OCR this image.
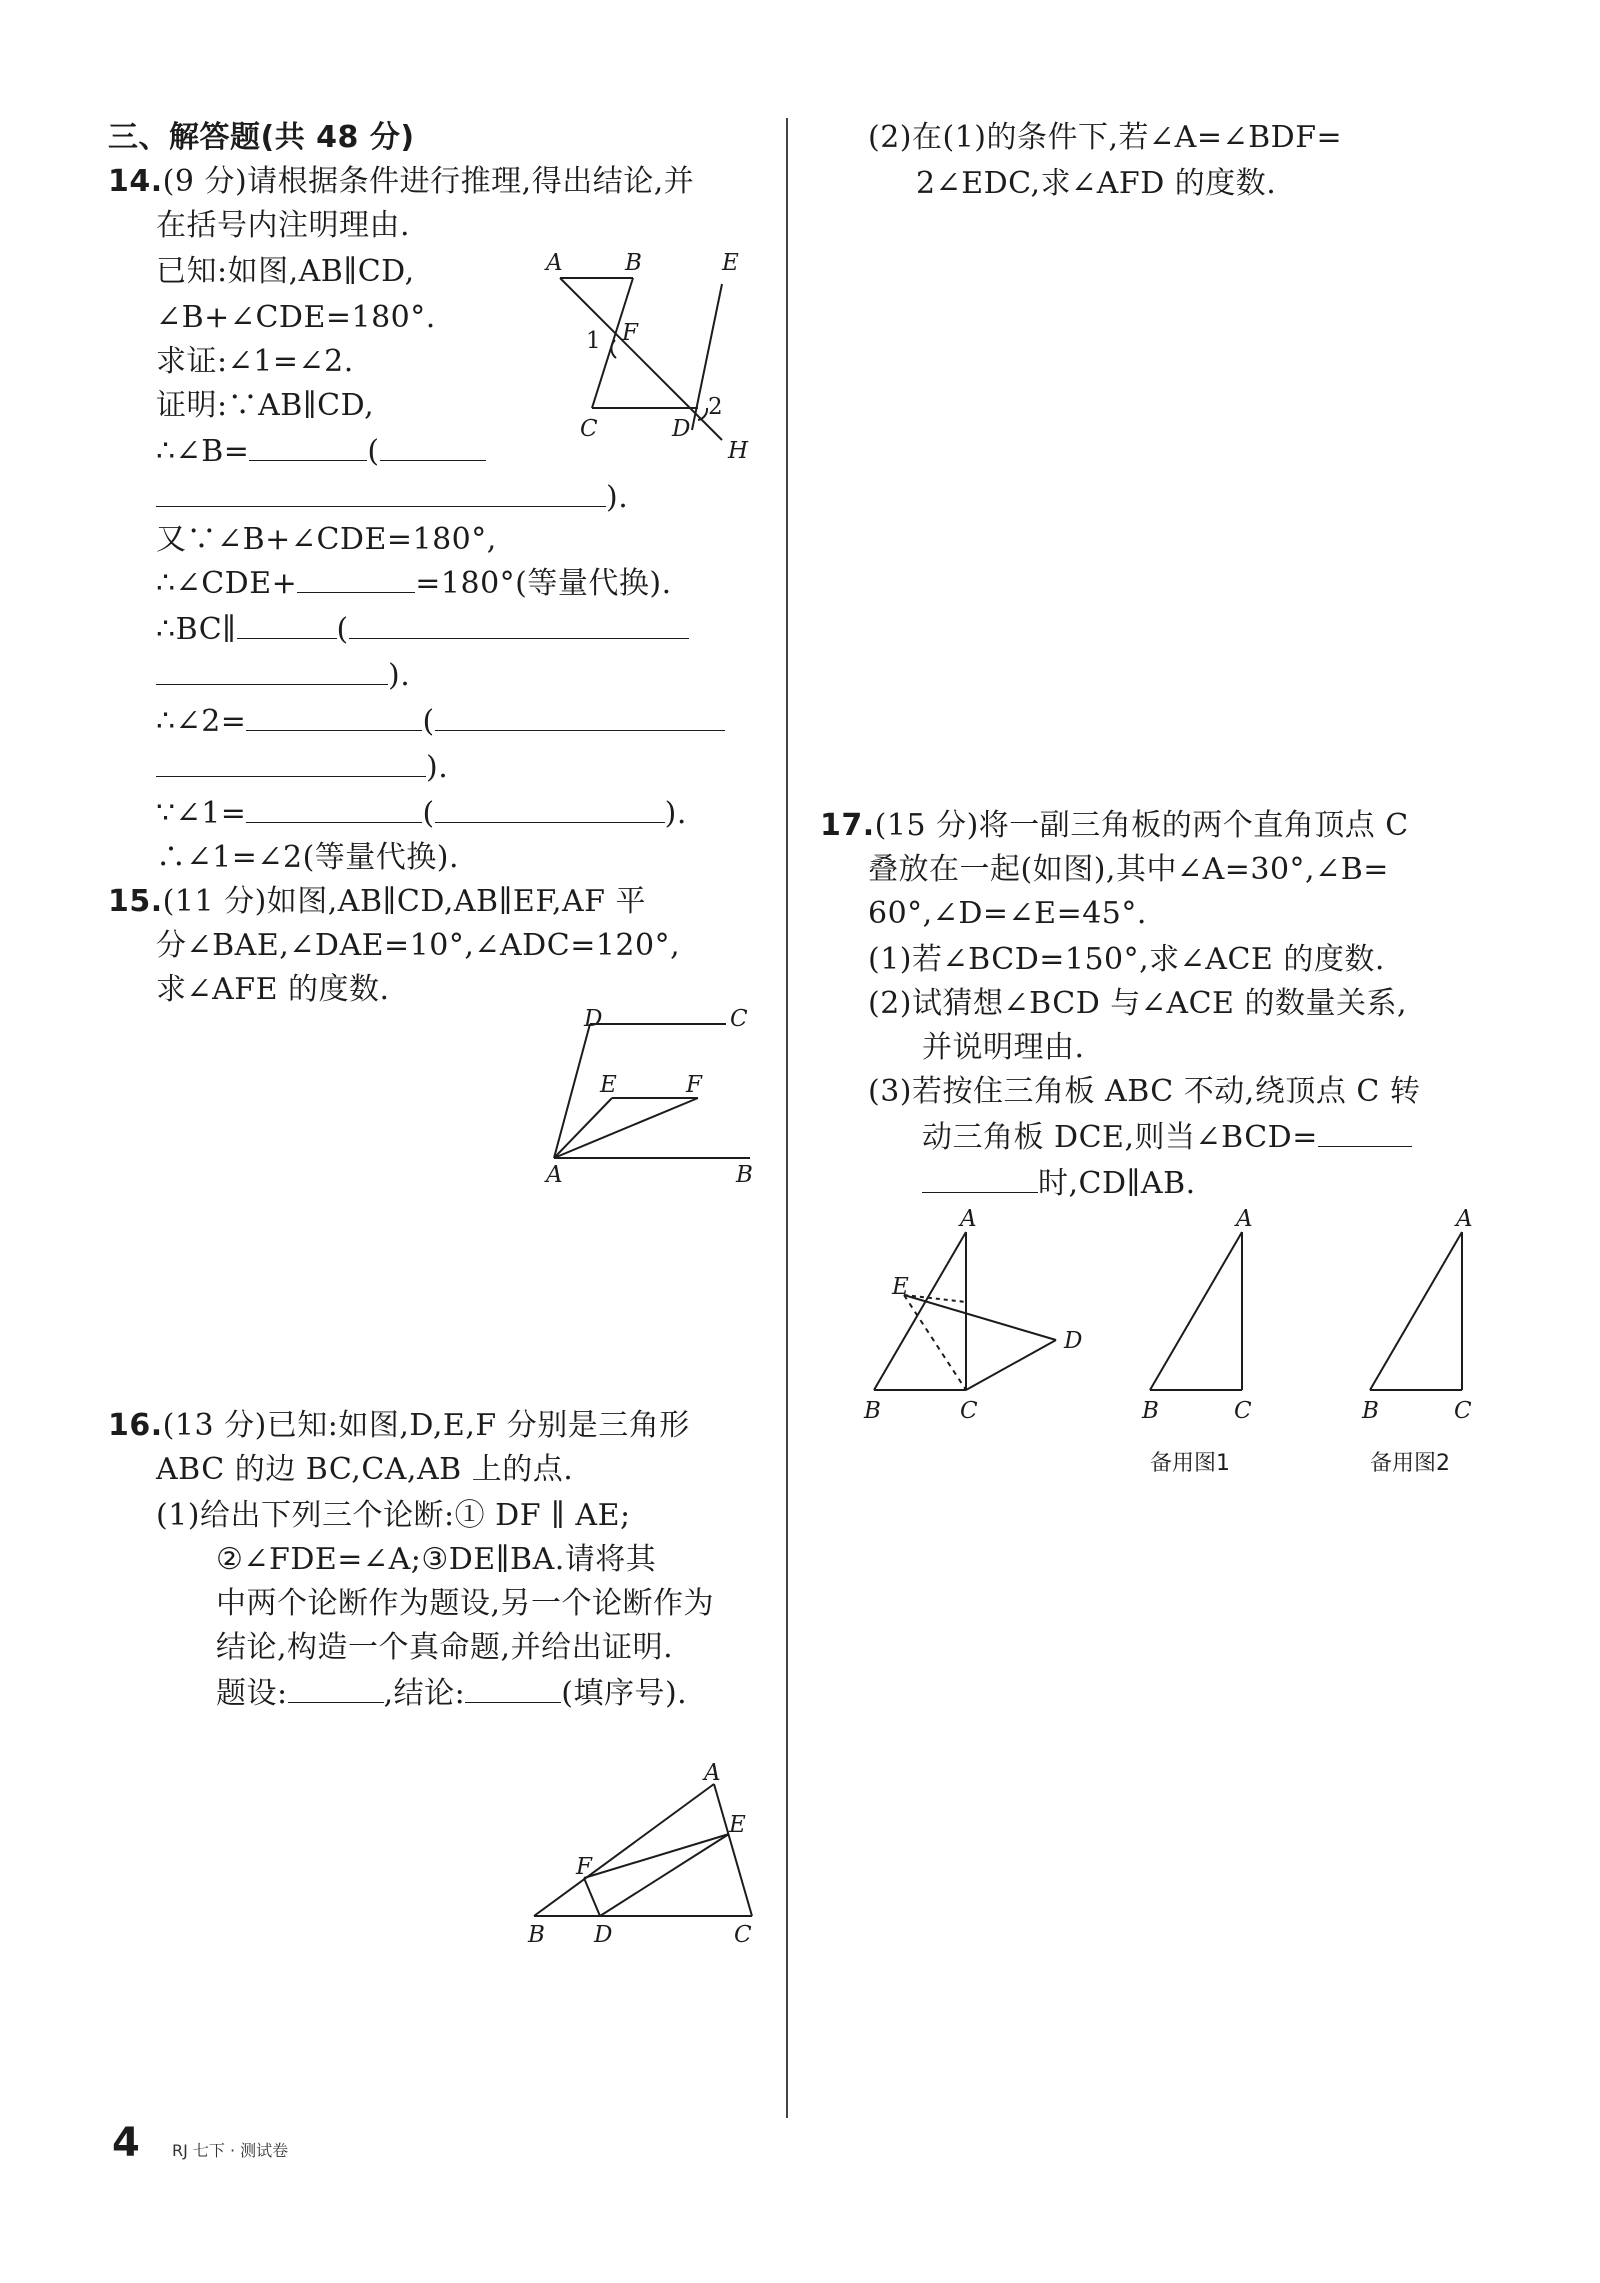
三、解答题(共 48 分)
14.(9 分)请根据条件进行推理,得出结论,并
在括号内注明理由.
已知:如图,AB∥CD,
∠B+∠CDE=180°.
求证:∠1=∠2.
证明:∵AB∥CD,
∴∠B=	(
).
又∵∠B+∠CDE=180°,
∴∠CDE+	=180°(等量代换).
∴BC∥	(
).
∴∠2=	(
).
∵∠1=	(	).
∴∠1=∠2(等量代换).
A	B	E
1 F
C	D
2
H
15.(11 分)如图,AB∥CD,AB∥EF,AF 平
分∠BAE,∠DAE=10°,∠ADC=120°,
求∠AFE 的度数.
D	C
E	F
A	B
16.(13 分)已知:如图,D,E,F 分别是三角形
ABC 的边 BC,CA,AB 上的点.
(1)给出下列三个论断:① DF ∥ AE;
②∠FDE=∠A;③DE∥BA.请将其
中两个论断作为题设,另一个论断作为
结论,构造一个真命题,并给出证明.
题设:	,结论:	(填序号).
A
E
F
B D	C
(2)在(1)的条件下,若∠A=∠BDF=
2∠EDC,求∠AFD 的度数.
17.(15 分)将一副三角板的两个直角顶点 C
叠放在一起(如图),其中∠A=30°,∠B=
60°,∠D=∠E=45°.
(1)若∠BCD=150°,求∠ACE 的度数.
(2)试猜想∠BCD 与∠ACE 的数量关系,
并说明理由.
(3)若按住三角板 ABC 不动,绕顶点 C 转
动三角板 DCE,则当∠BCD=
时,CD∥AB.
A
E
D
B	C
A
B	C
备用图1
A
B	C
备用图2
4 RJ 七下 · 测试卷
